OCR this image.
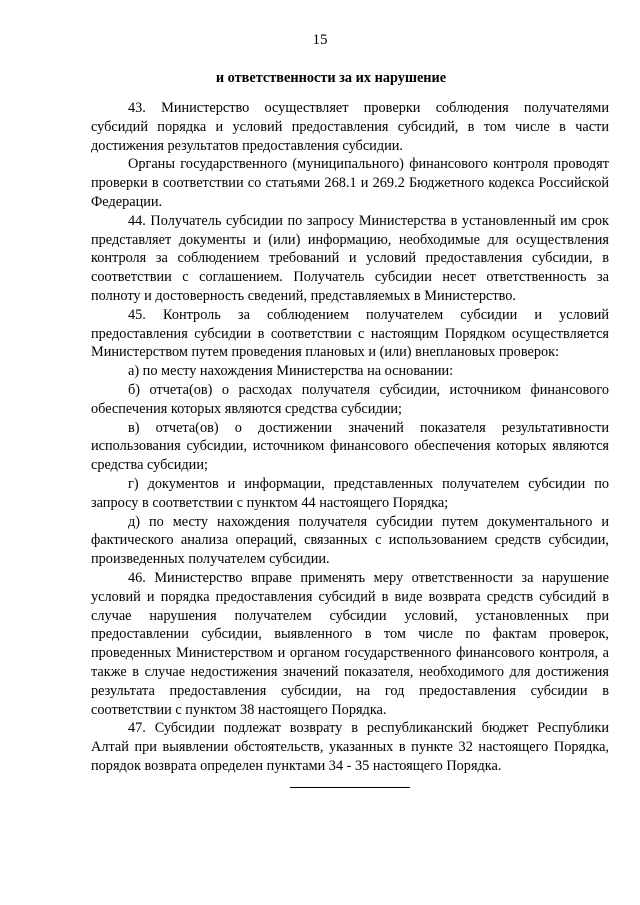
15
и ответственности за их нарушение

43. Министерство осуществляет проверки соблюдения получателями субсидий порядка и условий предоставления субсидий, в том числе в части достижения результатов предоставления субсидии.

Органы государственного (муниципального) финансового контроля проводят проверки в соответствии со статьями 268.1 и 269.2 Бюджетного кодекса Российской Федерации.

44. Получатель субсидии по запросу Министерства в установленный им срок представляет документы и (или) информацию, необходимые для осуществления контроля за соблюдением требований и условий предоставления субсидии, в соответствии с соглашением. Получатель субсидии несет ответственность за полноту и достоверность сведений, представляемых в Министерство.

45. Контроль за соблюдением получателем субсидии и условий предоставления субсидии в соответствии с настоящим Порядком осуществляется Министерством путем проведения плановых и (или) внеплановых проверок:

а) по месту нахождения Министерства на основании:

б) отчета(ов) о расходах получателя субсидии, источником финансового обеспечения которых являются средства субсидии;

в) отчета(ов) о достижении значений показателя результативности использования субсидии, источником финансового обеспечения которых являются средства субсидии;

г) документов и информации, представленных получателем субсидии по запросу в соответствии с пунктом 44 настоящего Порядка;

д) по месту нахождения получателя субсидии путем документального и фактического анализа операций, связанных с использованием средств субсидии, произведенных получателем субсидии.

46. Министерство вправе применять меру ответственности за нарушение условий и порядка предоставления субсидий в виде возврата средств субсидий в случае нарушения получателем субсидии условий, установленных при предоставлении субсидии, выявленного в том числе по фактам проверок, проведенных Министерством и органом государственного финансового контроля, а также в случае недостижения значений показателя, необходимого для достижения результата предоставления субсидии, на год предоставления субсидии в соответствии с пунктом 38 настоящего Порядка.

47. Субсидии подлежат возврату в республиканский бюджет Республики Алтай при выявлении обстоятельств, указанных в пункте 32 настоящего Порядка, порядок возврата определен пунктами 34 - 35 настоящего Порядка.
